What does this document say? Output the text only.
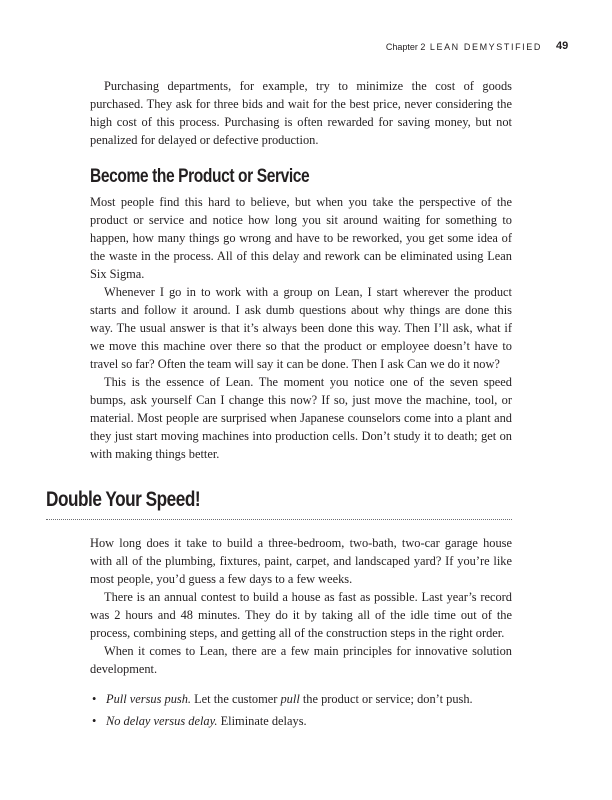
Chapter 2 LEAN DEMYSTIFIED 49

Purchasing departments, for example, try to minimize the cost of goods purchased. They ask for three bids and wait for the best price, never considering the high cost of this process. Purchasing is often rewarded for saving money, but not penalized for delayed or defective production.

Become the Product or Service

Most people find this hard to believe, but when you take the perspective of the product or service and notice how long you sit around waiting for something to happen, how many things go wrong and have to be reworked, you get some idea of the waste in the process. All of this delay and rework can be eliminated using Lean Six Sigma.

Whenever I go in to work with a group on Lean, I start wherever the product starts and follow it around. I ask dumb questions about why things are done this way. The usual answer is that it’s always been done this way. Then I’ll ask, what if we move this machine over there so that the product or employee doesn’t have to travel so far? Often the team will say it can be done. Then I ask Can we do it now?

This is the essence of Lean. The moment you notice one of the seven speed bumps, ask yourself Can I change this now? If so, just move the machine, tool, or material. Most people are surprised when Japanese counselors come into a plant and they just start moving machines into production cells. Don’t study it to death; get on with making things better.

Double Your Speed!

How long does it take to build a three-bedroom, two-bath, two-car garage house with all of the plumbing, fixtures, paint, carpet, and landscaped yard? If you’re like most people, you’d guess a few days to a few weeks.

There is an annual contest to build a house as fast as possible. Last year’s record was 2 hours and 48 minutes. They do it by taking all of the idle time out of the process, combining steps, and getting all of the construction steps in the right order.

When it comes to Lean, there are a few main principles for innovative solution development.

• Pull versus push. Let the customer pull the product or service; don’t push.
• No delay versus delay. Eliminate delays.
